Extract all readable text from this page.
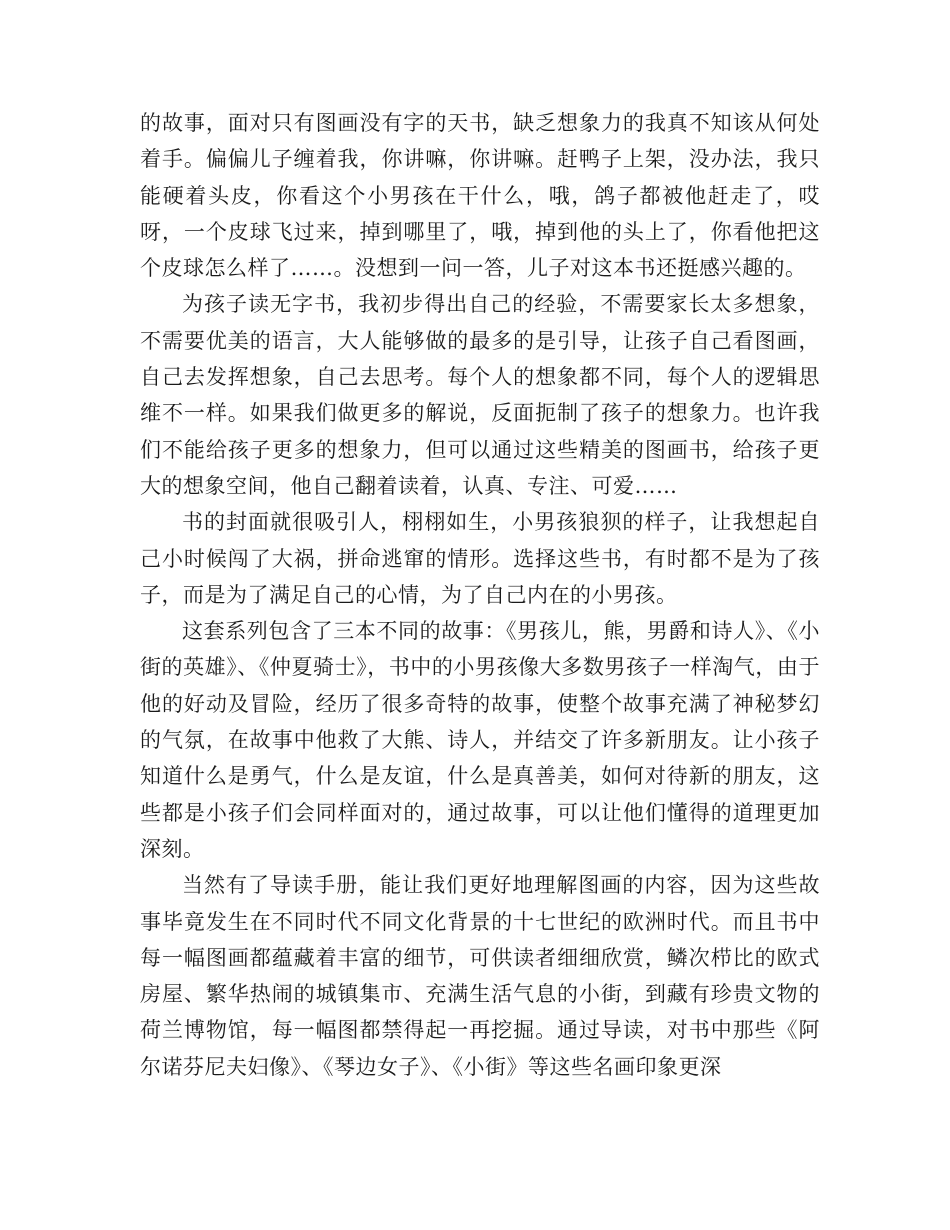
的故事，面对只有图画没有字的天书，缺乏想象力的我真不知该从何处着手。偏偏儿子缠着我，你讲嘛，你讲嘛。赶鸭子上架，没办法，我只能硬着头皮，你看这个小男孩在干什么，哦，鸽子都被他赶走了，哎呀，一个皮球飞过来，掉到哪里了，哦，掉到他的头上了，你看他把这个皮球怎么样了……。没想到一问一答，儿子对这本书还挺感兴趣的。

为孩子读无字书，我初步得出自己的经验，不需要家长太多想象，不需要优美的语言，大人能够做的最多的是引导，让孩子自己看图画，自己去发挥想象，自己去思考。每个人的想象都不同，每个人的逻辑思维不一样。如果我们做更多的解说，反面扼制了孩子的想象力。也许我们不能给孩子更多的想象力，但可以通过这些精美的图画书，给孩子更大的想象空间，他自己翻着读着，认真、专注、可爱……

书的封面就很吸引人，栩栩如生，小男孩狼狈的样子，让我想起自己小时候闯了大祸，拼命逃窜的情形。选择这些书，有时都不是为了孩子，而是为了满足自己的心情，为了自己内在的小男孩。

这套系列包含了三本不同的故事：《男孩儿，熊，男爵和诗人》、《小街的英雄》、《仲夏骑士》，书中的小男孩像大多数男孩子一样淘气，由于他的好动及冒险，经历了很多奇特的故事，使整个故事充满了神秘梦幻的气氛，在故事中他救了大熊、诗人，并结交了许多新朋友。让小孩子知道什么是勇气，什么是友谊，什么是真善美，如何对待新的朋友，这些都是小孩子们会同样面对的，通过故事，可以让他们懂得的道理更加深刻。

当然有了导读手册，能让我们更好地理解图画的内容，因为这些故事毕竟发生在不同时代不同文化背景的十七世纪的欧洲时代。而且书中每一幅图画都蕴藏着丰富的细节，可供读者细细欣赏，鳞次栉比的欧式房屋、繁华热闹的城镇集市、充满生活气息的小街，到藏有珍贵文物的荷兰博物馆，每一幅图都禁得起一再挖掘。通过导读，对书中那些《阿尔诺芬尼夫妇像》、《琴边女子》、《小街》等这些名画印象更深
